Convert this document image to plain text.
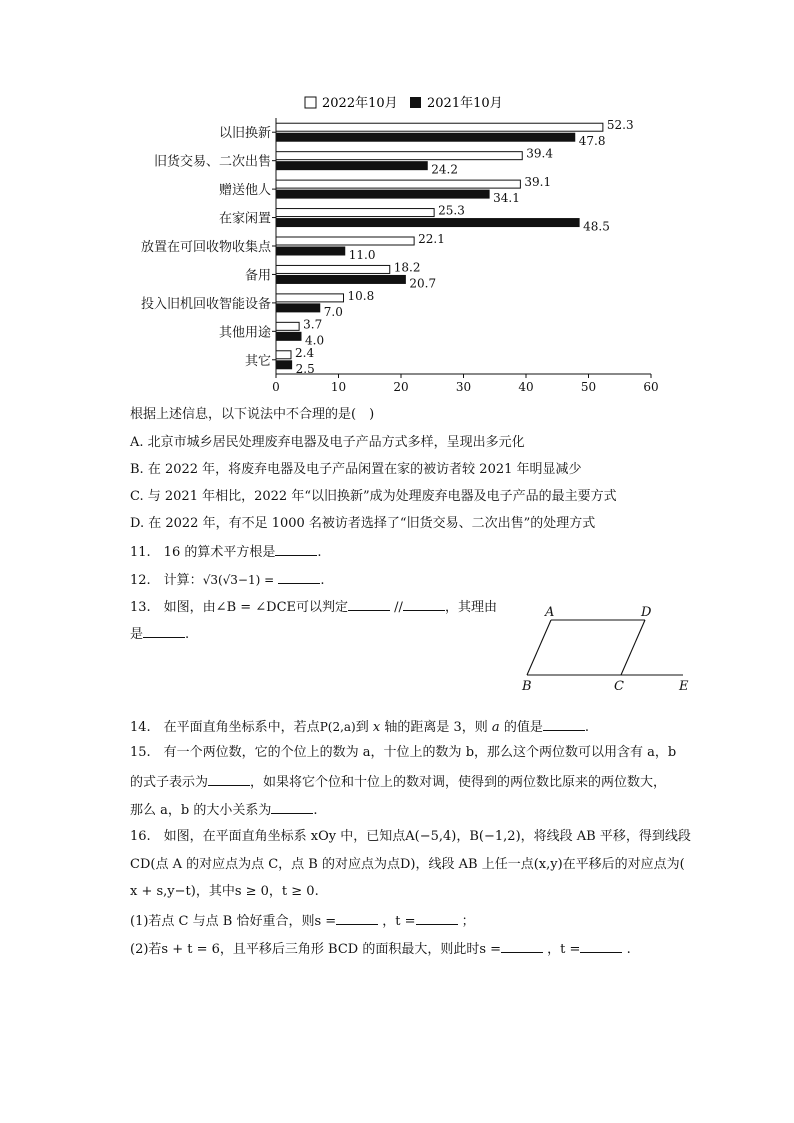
2022年10月 2021年10月
0	10	20	30	40	50	60
以旧换新
52.3
47.8
旧货交易、二次出售
39.4
24.2
赠送他人
39.1
34.1
在家闲置
25.3
48.5
放置在可回收物收集点
22.1
11.0
备用
18.2
20.7
投入旧机回收智能设备
10.8
7.0
其他用途
3.7
4.0
其它
2.4
2.5
根据上述信息，以下说法中不合理的是(　)
A. 北京市城乡居民处理废弃电器及电子产品方式多样，呈现出多元化
B. 在 2022 年，将废弃电器及电子产品闲置在家的被访者较 2021 年明显减少
C. 与 2021 年相比，2022 年“以旧换新”成为处理废弃电器及电子产品的最主要方式
D. 在 2022 年，有不足 1000 名被访者选择了“旧货交易、二次出售”的处理方式
11.　16 的算术平方根是	.
12.　计算：√3(√3−1) =	.
13.　如图，由∠B = ∠DCE可以判定	//	，其理由
是	.
A	D
B	C	E
14.　在平面直角坐标系中，若点P(2,a)到 x 轴的距离是 3，则 a 的值是	.
15.　有一个两位数，它的个位上的数为 a，十位上的数为 b，那么这个两位数可以用含有 a，b
的式子表示为	，如果将它个位和十位上的数对调，使得到的两位数比原来的两位数大，
那么 a，b 的大小关系为	.
16.　如图，在平面直角坐标系 xOy 中，已知点A(−5,4)，B(−1,2)，将线段 AB 平移，得到线段
CD(点 A 的对应点为点 C，点 B 的对应点为点D)，线段 AB 上任一点(x,y)在平移后的对应点为(
x + s,y−t)，其中s ≥ 0，t ≥ 0.
(1)若点 C 与点 B 恰好重合，则s =	，t =	；
(2)若s + t = 6，且平移后三角形 BCD 的面积最大，则此时s =	，t =	.
